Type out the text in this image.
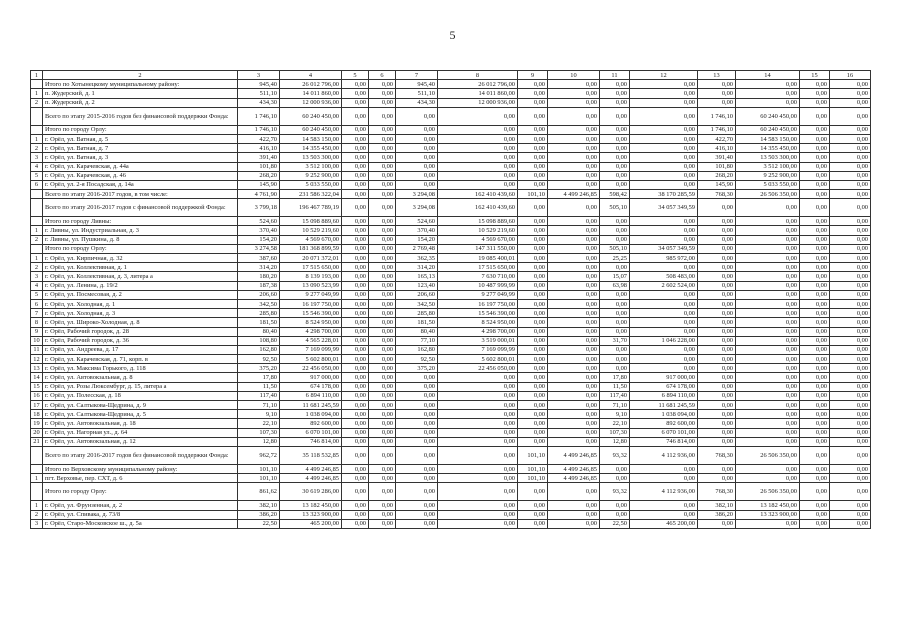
5
1	2	3	4	5	6	7	8	9	10	11	12	13	14	15	16
	Итого по Хотынецкому муниципальному району:	945,40	26 012 796,00	0,00	0,00	945,40	26 012 796,00	0,00	0,00	0,00	0,00	0,00	0,00	0,00	0,00
1	п. Жудерский, д. 1	511,10	14 011 860,00	0,00	0,00	511,10	14 011 860,00	0,00	0,00	0,00	0,00	0,00	0,00	0,00	0,00
2	п. Жудерский, д. 2	434,30	12 000 936,00	0,00	0,00	434,30	12 000 936,00	0,00	0,00	0,00	0,00	0,00	0,00	0,00	0,00
	Всего по этапу 2015-2016 годов без финансовой поддержки Фонда:	1 746,10	60 240 450,00	0,00	0,00	0,00	0,00	0,00	0,00	0,00	0,00	1 746,10	60 240 450,00	0,00	0,00
	Итого по городу Орлу:	1 746,10	60 240 450,00	0,00	0,00	0,00	0,00	0,00	0,00	0,00	0,00	1 746,10	60 240 450,00	0,00	0,00
1	г. Орёл, ул. Ватная, д. 5	422,70	14 583 150,00	0,00	0,00	0,00	0,00	0,00	0,00	0,00	0,00	422,70	14 583 150,00	0,00	0,00
2	г. Орёл, ул. Ватная, д. 7	416,10	14 355 450,00	0,00	0,00	0,00	0,00	0,00	0,00	0,00	0,00	416,10	14 355 450,00	0,00	0,00
3	г. Орёл, ул. Ватная, д. 3	391,40	13 503 300,00	0,00	0,00	0,00	0,00	0,00	0,00	0,00	0,00	391,40	13 503 300,00	0,00	0,00
4	г. Орёл, ул. Карачевская, д. 44а	101,80	3 512 100,00	0,00	0,00	0,00	0,00	0,00	0,00	0,00	0,00	101,80	3 512 100,00	0,00	0,00
5	г. Орёл, ул. Карачевская, д. 46	268,20	9 252 900,00	0,00	0,00	0,00	0,00	0,00	0,00	0,00	0,00	268,20	9 252 900,00	0,00	0,00
6	г. Орёл, ул. 2-я Посадская, д. 14а	145,90	5 033 550,00	0,00	0,00	0,00	0,00	0,00	0,00	0,00	0,00	145,90	5 033 550,00	0,00	0,00
	Всего по этапу 2016-2017 годов, в том числе:	4 761,90	231 586 322,04	0,00	0,00	3 294,08	162 410 439,60	101,10	4 499 246,85	598,42	38 170 285,59	768,30	26 506 350,00	0,00	0,00
	Всего по этапу 2016-2017 годов с финансовой поддержкой Фонда:	3 799,18	196 467 789,19	0,00	0,00	3 294,08	162 410 439,60	0,00	0,00	505,10	34 057 349,59	0,00	0,00	0,00	0,00
	Итого по городу Ливны:	524,60	15 098 889,60	0,00	0,00	524,60	15 098 889,60	0,00	0,00	0,00	0,00	0,00	0,00	0,00	0,00
1	г. Ливны, ул. Индустриальная, д. 3	370,40	10 529 219,60	0,00	0,00	370,40	10 529 219,60	0,00	0,00	0,00	0,00	0,00	0,00	0,00	0,00
2	г. Ливны, ул. Пушкина, д. 8	154,20	4 569 670,00	0,00	0,00	154,20	4 569 670,00	0,00	0,00	0,00	0,00	0,00	0,00	0,00	0,00
	Итого по городу Орлу:	3 274,58	181 368 899,59	0,00	0,00	2 769,48	147 311 550,00	0,00	0,00	505,10	34 057 349,59	0,00	0,00	0,00	0,00
1	г. Орёл, ул. Кирпичная, д. 32	387,60	20 071 372,01	0,00	0,00	362,35	19 085 400,01	0,00	0,00	25,25	985 972,00	0,00	0,00	0,00	0,00
2	г. Орёл, ул. Коллективная, д. 1	314,20	17 515 650,00	0,00	0,00	314,20	17 515 650,00	0,00	0,00	0,00	0,00	0,00	0,00	0,00	0,00
3	г. Орёл, ул. Коллективная, д. 3, литера а	180,20	8 139 193,00	0,00	0,00	165,13	7 630 710,00	0,00	0,00	15,07	508 483,00	0,00	0,00	0,00	0,00
4	г. Орёл, ул. Ленина, д. 19/2	187,38	13 090 523,99	0,00	0,00	123,40	10 487 999,99	0,00	0,00	63,98	2 602 524,00	0,00	0,00	0,00	0,00
5	г. Орёл, ул. Посмесовая, д. 2	206,60	9 277 049,99	0,00	0,00	206,60	9 277 049,99	0,00	0,00	0,00	0,00	0,00	0,00	0,00	0,00
6	г. Орёл, ул. Холодная, д. 1	342,50	16 197 750,00	0,00	0,00	342,50	16 197 750,00	0,00	0,00	0,00	0,00	0,00	0,00	0,00	0,00
7	г. Орёл, ул. Холодная, д. 3	285,80	15 546 390,00	0,00	0,00	285,80	15 546 390,00	0,00	0,00	0,00	0,00	0,00	0,00	0,00	0,00
8	г. Орёл, ул. Широко-Холодная, д. 8	181,50	8 524 950,00	0,00	0,00	181,50	8 524 950,00	0,00	0,00	0,00	0,00	0,00	0,00	0,00	0,00
9	г. Орёл, Рабочий городок, д. 28	80,40	4 298 700,00	0,00	0,00	80,40	4 298 700,00	0,00	0,00	0,00	0,00	0,00	0,00	0,00	0,00
10	г. Орёл, Рабочий городок, д. 36	108,80	4 565 228,01	0,00	0,00	77,10	3 519 000,01	0,00	0,00	31,70	1 046 228,00	0,00	0,00	0,00	0,00
11	г. Орёл, ул. Андреева, д. 17	162,80	7 169 099,99	0,00	0,00	162,80	7 169 099,99	0,00	0,00	0,00	0,00	0,00	0,00	0,00	0,00
12	г. Орёл, ул. Карачевская, д. 71, корп. в	92,50	5 602 800,01	0,00	0,00	92,50	5 602 800,01	0,00	0,00	0,00	0,00	0,00	0,00	0,00	0,00
13	г. Орёл, ул. Максима Горького, д. 118	375,20	22 456 050,00	0,00	0,00	375,20	22 456 050,00	0,00	0,00	0,00	0,00	0,00	0,00	0,00	0,00
14	г. Орёл, ул. Автовокзальная, д. 8	17,80	917 000,00	0,00	0,00	0,00	0,00	0,00	0,00	17,80	917 000,00	0,00	0,00	0,00	0,00
15	г. Орёл, ул. Розы Люксембург, д. 15, литера а	11,50	674 178,00	0,00	0,00	0,00	0,00	0,00	0,00	11,50	674 178,00	0,00	0,00	0,00	0,00
16	г. Орёл, ул. Полесская, д. 18	117,40	6 894 110,00	0,00	0,00	0,00	0,00	0,00	0,00	117,40	6 894 110,00	0,00	0,00	0,00	0,00
17	г. Орёл, ул. Салтыкова-Щедрина, д. 9	71,10	11 681 245,59	0,00	0,00	0,00	0,00	0,00	0,00	71,10	11 681 245,59	0,00	0,00	0,00	0,00
18	г. Орёл, ул. Салтыкова-Щедрина, д. 5	9,10	1 038 094,00	0,00	0,00	0,00	0,00	0,00	0,00	9,10	1 038 094,00	0,00	0,00	0,00	0,00
19	г. Орёл, ул. Автовокзальная, д. 18	22,10	892 600,00	0,00	0,00	0,00	0,00	0,00	0,00	22,10	892 600,00	0,00	0,00	0,00	0,00
20	г. Орёл, ул. Нагорная ул., д. 64	107,30	6 070 101,00	0,00	0,00	0,00	0,00	0,00	0,00	107,30	6 070 101,00	0,00	0,00	0,00	0,00
21	г. Орёл, ул. Автовокзальная, д. 12	12,80	746 814,00	0,00	0,00	0,00	0,00	0,00	0,00	12,80	746 814,00	0,00	0,00	0,00	0,00
	Всего по этапу 2016-2017 годов без финансовой поддержки Фонда:	962,72	35 118 532,85	0,00	0,00	0,00	0,00	101,10	4 499 246,85	93,32	4 112 936,00	768,30	26 506 350,00	0,00	0,00
	Итого по Верховскому муниципальному району:	101,10	4 499 246,85	0,00	0,00	0,00	0,00	101,10	4 499 246,85	0,00	0,00	0,00	0,00	0,00	0,00
1	пгт. Верховье, пер. СХТ, д. 6	101,10	4 499 246,85	0,00	0,00	0,00	0,00	101,10	4 499 246,85	0,00	0,00	0,00	0,00	0,00	0,00
	Итого по городу Орлу:	861,62	30 619 286,00	0,00	0,00	0,00	0,00	0,00	0,00	93,32	4 112 936,00	768,30	26 506 350,00	0,00	0,00
1	г. Орёл, ул. Фрунзенная, д. 2	382,10	13 182 450,00	0,00	0,00	0,00	0,00	0,00	0,00	0,00	0,00	382,10	13 182 450,00	0,00	0,00
2	г. Орёл, ул. Спивака, д. 73/8	386,20	13 323 900,00	0,00	0,00	0,00	0,00	0,00	0,00	0,00	0,00	386,20	13 323 900,00	0,00	0,00
3	г. Орёл, Старо-Московское ш., д. 5а	22,50	465 200,00	0,00	0,00	0,00	0,00	0,00	0,00	22,50	465 200,00	0,00	0,00	0,00	0,00
